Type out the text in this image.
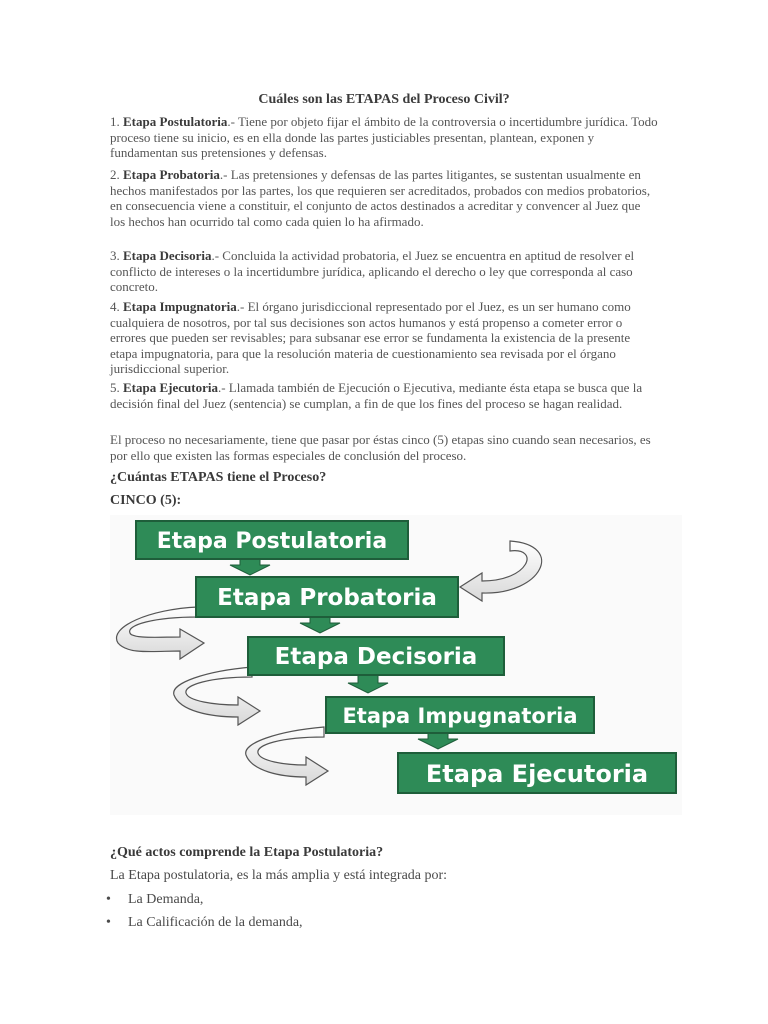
Cuáles son las ETAPAS del Proceso Civil?
1. Etapa Postulatoria.- Tiene por objeto fijar el ámbito de la controversia o incertidumbre jurídica. Todo proceso tiene su inicio, es en ella donde las partes justiciables presentan, plantean, exponen y fundamentan sus pretensiones y defensas.
2. Etapa Probatoria.- Las pretensiones y defensas de las partes litigantes, se sustentan usualmente en hechos manifestados por las partes, los que requieren ser acreditados, probados con medios probatorios, en consecuencia viene a constituir, el conjunto de actos destinados a acreditar y convencer al Juez que los hechos han ocurrido tal como cada quien lo ha afirmado.
3. Etapa Decisoria.- Concluida la actividad probatoria, el Juez se encuentra en aptitud de resolver el conflicto de intereses o la incertidumbre jurídica, aplicando el derecho o ley que corresponda al caso concreto.
4. Etapa Impugnatoria.- El órgano jurisdiccional representado por el Juez, es un ser humano como cualquiera de nosotros, por tal sus decisiones son actos humanos y está propenso a cometer error o errores que pueden ser revisables; para subsanar ese error se fundamenta la existencia de la presente etapa impugnatoria, para que la resolución materia de cuestionamiento sea revisada por el órgano jurisdiccional superior.
5. Etapa Ejecutoria.- Llamada también de Ejecución o Ejecutiva, mediante ésta etapa se busca que la decisión final del Juez (sentencia) se cumplan, a fin de que los fines del proceso se hagan realidad.
El proceso no necesariamente, tiene que pasar por éstas cinco (5) etapas sino cuando sean necesarios, es por ello que existen las formas especiales de conclusión del proceso.
¿Cuántas ETAPAS tiene el Proceso?
CINCO (5):
Etapa Postulatoria
Etapa Probatoria
Etapa Decisoria
Etapa Impugnatoria
Etapa Ejecutoria
¿Qué actos comprende la Etapa Postulatoria?
La Etapa postulatoria, es la más amplia y está integrada por:
• La Demanda,
• La Calificación de la demanda,
